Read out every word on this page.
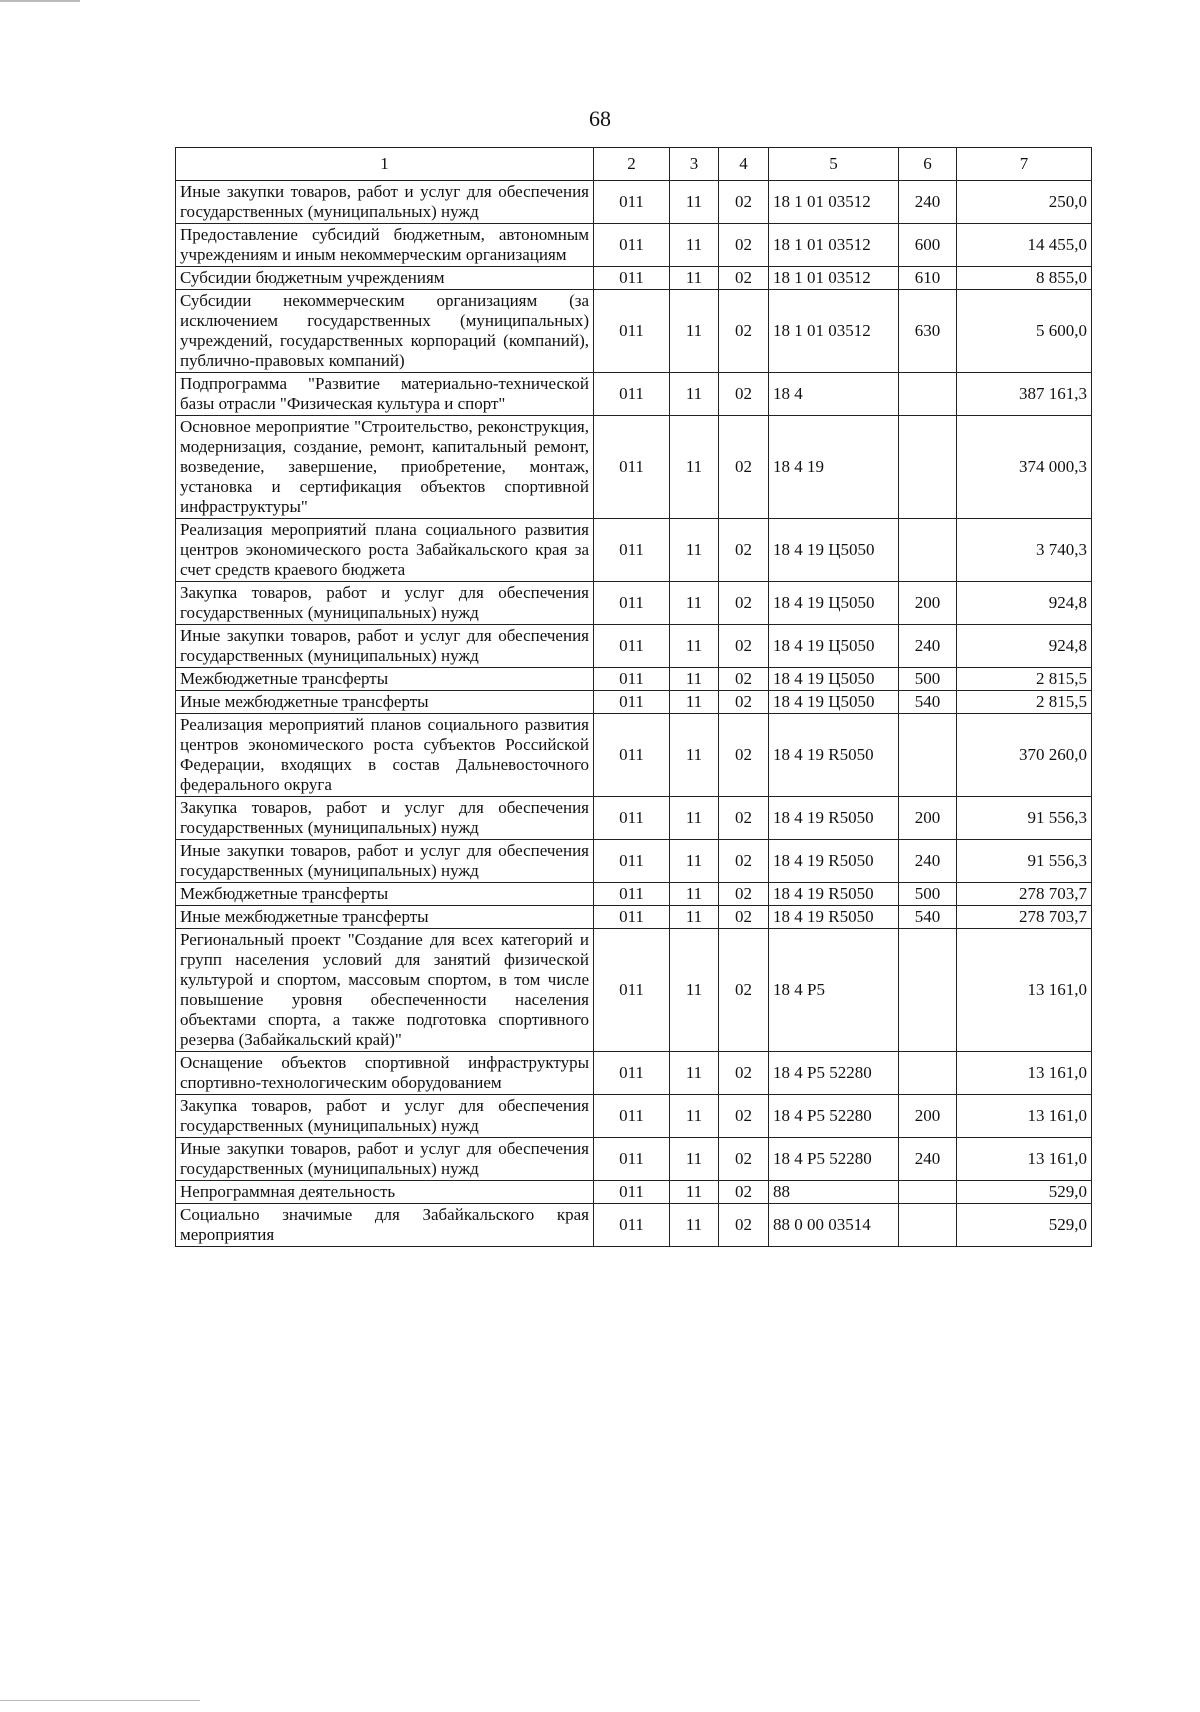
68
1	2	3	4	5	6	7
Иные закупки товаров, работ и услуг для обеспечения государственных (муниципальных) нужд	011	11	02	18 1 01 03512	240	250,0
Предоставление субсидий бюджетным, автономным учреждениям и иным некоммерческим организациям	011	11	02	18 1 01 03512	600	14 455,0
Субсидии бюджетным учреждениям	011	11	02	18 1 01 03512	610	8 855,0
Субсидии некоммерческим организациям (за исключением государственных (муниципальных) учреждений, государственных корпораций (компаний), публично-правовых компаний)	011	11	02	18 1 01 03512	630	5 600,0
Подпрограмма "Развитие материально-технической базы отрасли "Физическая культура и спорт"	011	11	02	18 4		387 161,3
Основное мероприятие "Строительство, реконструкция, модернизация, создание, ремонт, капитальный ремонт, возведение, завершение, приобретение, монтаж, установка и сертификация объектов спортивной инфраструктуры"	011	11	02	18 4 19		374 000,3
Реализация мероприятий плана социального развития центров экономического роста Забайкальского края за счет средств краевого бюджета	011	11	02	18 4 19 Ц5050		3 740,3
Закупка товаров, работ и услуг для обеспечения государственных (муниципальных) нужд	011	11	02	18 4 19 Ц5050	200	924,8
Иные закупки товаров, работ и услуг для обеспечения государственных (муниципальных) нужд	011	11	02	18 4 19 Ц5050	240	924,8
Межбюджетные трансферты	011	11	02	18 4 19 Ц5050	500	2 815,5
Иные межбюджетные трансферты	011	11	02	18 4 19 Ц5050	540	2 815,5
Реализация мероприятий планов социального развития центров экономического роста субъектов Российской Федерации, входящих в состав Дальневосточного федерального округа	011	11	02	18 4 19 R5050		370 260,0
Закупка товаров, работ и услуг для обеспечения государственных (муниципальных) нужд	011	11	02	18 4 19 R5050	200	91 556,3
Иные закупки товаров, работ и услуг для обеспечения государственных (муниципальных) нужд	011	11	02	18 4 19 R5050	240	91 556,3
Межбюджетные трансферты	011	11	02	18 4 19 R5050	500	278 703,7
Иные межбюджетные трансферты	011	11	02	18 4 19 R5050	540	278 703,7
Региональный проект "Создание для всех категорий и групп населения условий для занятий физической культурой и спортом, массовым спортом, в том числе повышение уровня обеспеченности населения объектами спорта, а также подготовка спортивного резерва (Забайкальский край)"	011	11	02	18 4 P5		13 161,0
Оснащение объектов спортивной инфраструктуры спортивно-технологическим оборудованием	011	11	02	18 4 P5 52280		13 161,0
Закупка товаров, работ и услуг для обеспечения государственных (муниципальных) нужд	011	11	02	18 4 P5 52280	200	13 161,0
Иные закупки товаров, работ и услуг для обеспечения государственных (муниципальных) нужд	011	11	02	18 4 P5 52280	240	13 161,0
Непрограммная деятельность	011	11	02	88		529,0
Социально значимые для Забайкальского края мероприятия	011	11	02	88 0 00 03514		529,0
